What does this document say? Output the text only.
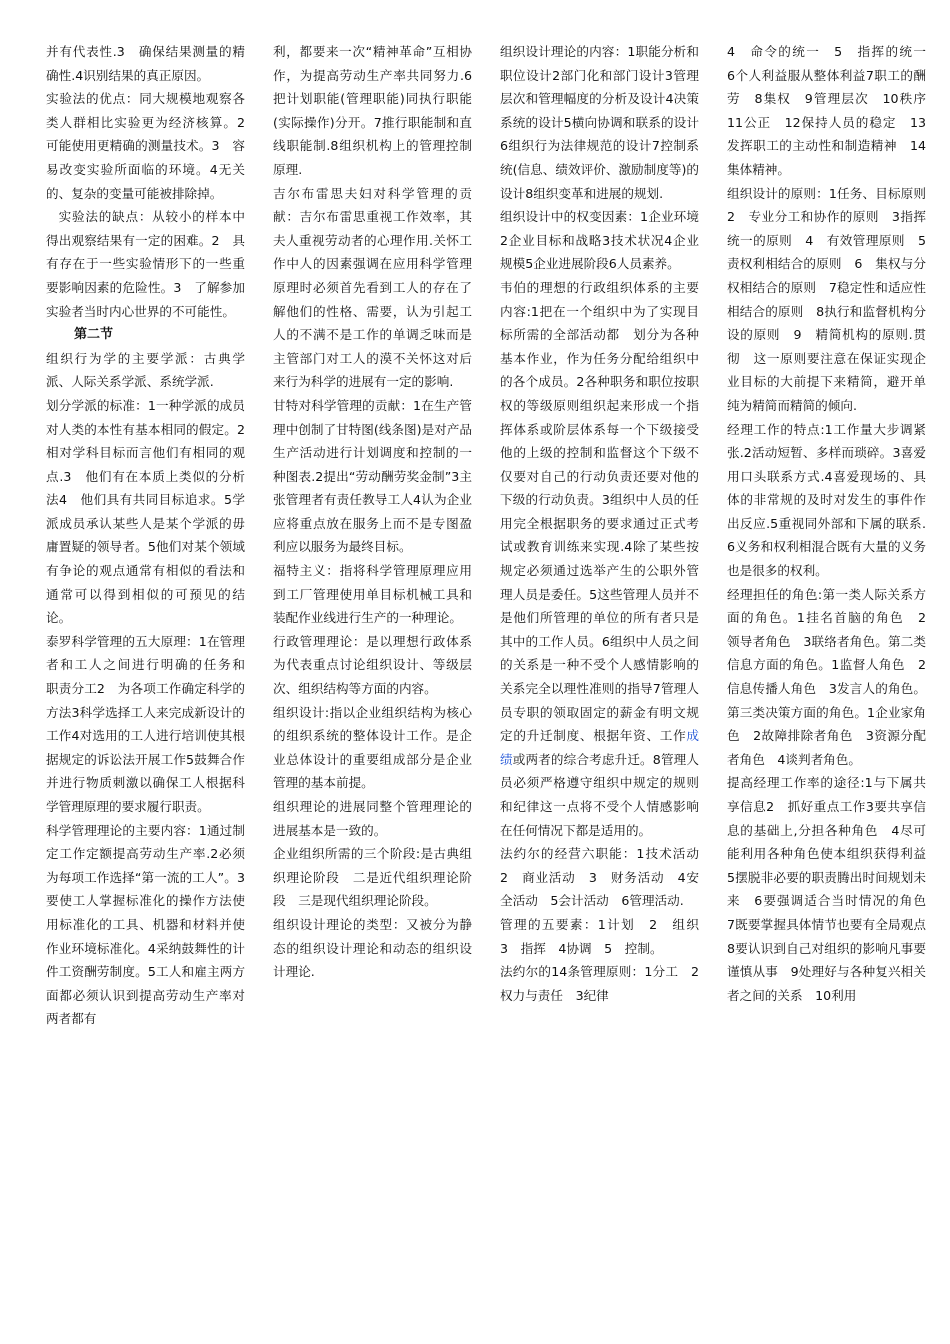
并有代表性.3　确保结果测量的精确性.4识别结果的真正原因。

实验法的优点：同大规模地观察各类人群相比实验更为经济核算。2　可能使用更精确的测量技术。3　容易改变实验所面临的环境。4无关的、复杂的变量可能被排除掉。

实验法的缺点：从较小的样本中得出观察结果有一定的困难。2　具有存在于一些实验情形下的一些重要影响因素的危险性。3　了解参加实验者当时内心世界的不可能性。

第二节

组织行为学的主要学派：古典学派、人际关系学派、系统学派.

划分学派的标准：1一种学派的成员对人类的本性有基本相同的假定。2　相对学科目标而言他们有相同的观点.3　他们有在本质上类似的分析法4　他们具有共同目标追求。5学派成员承认某些人是某个学派的毋庸置疑的领导者。5他们对某个领域有争论的观点通常有相似的看法和通常可以得到相似的可预见的结论。

泰罗科学管理的五大原理：1在管理者和工人之间进行明确的任务和　职责分工2　为各项工作确定科学的方法3科学选择工人来完成新设计的工作4对选用的工人进行培训使其根据规定的诉讼法开展工作5鼓舞合作并进行物质刺激以确保工人根据科学管理原理的要求履行职责。

科学管理理论的主要内容：1通过制定工作定额提高劳动生产率.2必须为每项工作选择“第一流的工人”。3要使工人掌握标准化的操作方法使用标准化的工具、机器和材料并使作业环境标准化。4采纳鼓舞性的计件工资酬劳制度。5工人和雇主两方面都必须认识到提高劳动生产率对两者都有

利，都要来一次“精神革命”互相协作，为提高劳动生产率共同努力.6把计划职能(管理职能)同执行职能(实际操作)分开。7推行职能制和直线职能制.8组织机构上的管理控制原理.

吉尔布雷思夫妇对科学管理的贡献：吉尔布雷思重视工作效率，其夫人重视劳动者的心理作用.关怀工作中人的因素强调在应用科学管理原理时必须首先看到工人的存在了解他们的性格、需要，认为引起工人的不满不是工作的单调乏味而是主管部门对工人的漠不关怀这对后来行为科学的进展有一定的影响.

甘特对科学管理的贡献：1在生产管理中创制了甘特图(线条图)是对产品生产活动进行计划调度和控制的一种图表.2提出“劳动酬劳奖金制”3主张管理者有责任教导工人4认为企业应将重点放在服务上而不是专图盈利应以服务为最终目标。

福特主义：指将科学管理原理应用到工厂管理使用单目标机械工具和装配作业线进行生产的一种理论。

行政管理理论：是以理想行政体系为代表重点讨论组织设计、等级层次、组织结构等方面的内容。

组织设计:指以企业组织结构为核心的组织系统的整体设计工作。是企业总体设计的重要组成部分是企业管理的基本前提。

组织理论的进展同整个管理理论的进展基本是一致的。

企业组织所需的三个阶段:是古典组织理论阶段　二是近代组织理论阶段　三是现代组织理论阶段。

组织设计理论的类型：又被分为静态的组织设计理论和动态的组织设计理论.

组织设计理论的内容：1职能分析和职位设计2部门化和部门设计3管理层次和管理幅度的分析及设计4决策系统的设计5横向协调和联系的设计6组织行为法律规范的设计7控制系统(信息、绩效评价、激励制度等)的设计8组织变革和进展的规划.

组织设计中的权变因素：1企业环境2企业目标和战略3技术状况4企业规模5企业进展阶段6人员素养。

韦伯的理想的行政组织体系的主要内容:1把在一个组织中为了实现目标所需的全部活动都　划分为各种基本作业，作为任务分配给组织中的各个成员。2各种职务和职位按职权的等级原则组织起来形成一个指挥体系或阶层体系每一个下级接受他的上级的控制和监督这个下级不仅要对自己的行动负责还要对他的下级的行动负责。3组织中人员的任用完全根据职务的要求通过正式考试或教育训练来实现.4除了某些按规定必须通过选举产生的公职外管理人员是委任。5这些管理人员并不是他们所管理的单位的所有者只是其中的工作人员。6组织中人员之间的关系是一种不受个人感情影响的关系完全以理性准则的指导7管理人员专职的领取固定的薪金有明文规定的升迁制度、根据年资、工作成绩或两者的综合考虑升迁。8管理人员必须严格遵守组织中规定的规则和纪律这一点将不受个人情感影响在任何情况下都是适用的。

法约尔的经营六职能：1技术活动　2　商业活动　3　财务活动　4安全活动　5会计活动　6管理活动.

管理的五要素：1计划　2　组织　3　指挥　4协调　5　控制。

法约尔的14条管理原则：1分工　2　权力与责任　3纪律

4　命令的统一　5　指挥的统一　6个人利益服从整体利益7职工的酬劳　8集权　9管理层次　10秩序　11公正　12保持人员的稳定　13　发挥职工的主动性和制造精神　14集体精神。

组织设计的原则：1任务、目标原则　2　专业分工和协作的原则　3指挥统一的原则　4　有效管理原则　5　责权利相结合的原则　6　集权与分权相结合的原则　7稳定性和适应性相结合的原则　8执行和监督机构分设的原则　9　精简机构的原则.贯彻　这一原则要注意在保证实现企业目标的大前提下来精简，避开单纯为精简而精简的倾向.

经理工作的特点:1工作量大步调紧张.2活动短暂、多样而琐碎。3喜爱用口头联系方式.4喜爱现场的、具体的非常规的及时对发生的事件作出反应.5重视同外部和下属的联系.6义务和权利相混合既有大量的义务也是很多的权利。

经理担任的角色:第一类人际关系方面的角色。1挂名首脑的角色　2　领导者角色　3联络者角色。第二类信息方面的角色。1监督人角色　2　信息传播人角色　3发言人的角色。第三类决策方面的角色。1企业家角色　2故障排除者角色　3资源分配者角色　4谈判者角色。

提高经理工作率的途径:1与下属共享信息2　抓好重点工作3要共享信息的基础上,分担各种角色　4尽可能利用各种角色使本组织获得利益　5摆脱非必要的职责腾出时间规划未来　6要强调适合当时情况的角色　7既要掌握具体情节也要有全局观点　8要认识到自己对组织的影响凡事要谨慎从事　9处理好与各种复兴相关者之间的关系　10利用
